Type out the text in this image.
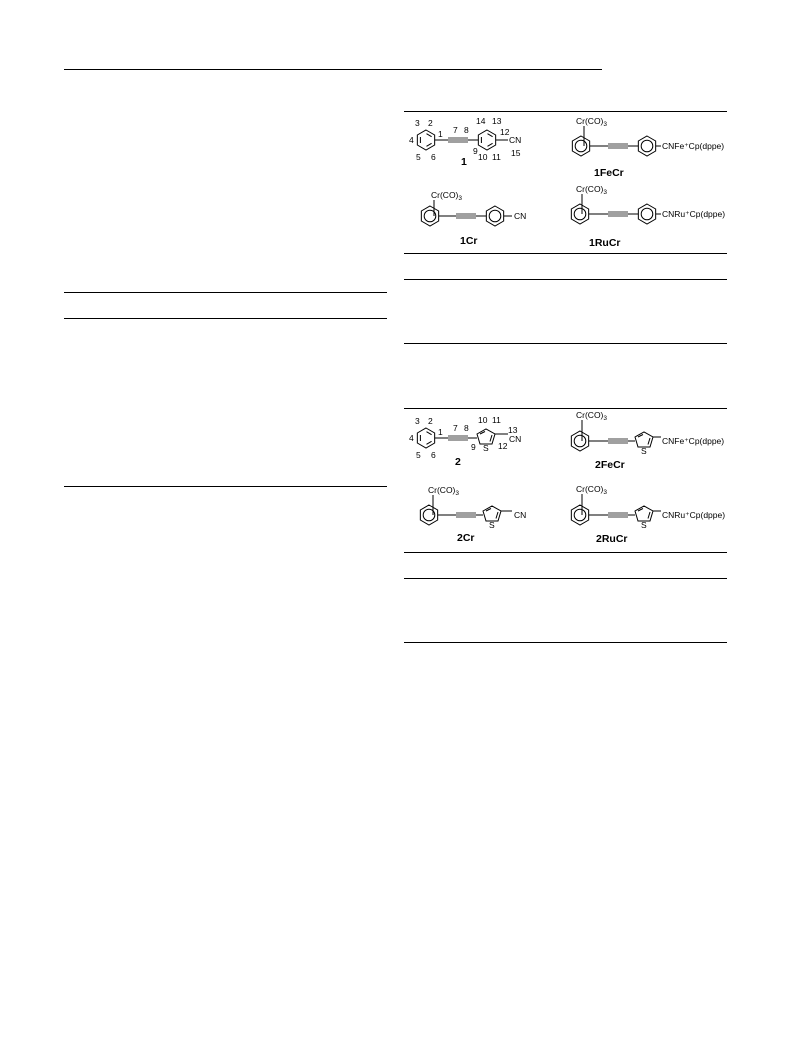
CN
1
2
3
4
5 6
7 8
9
10 11
12
13
14
15
1
$Cr(CO)_3$
CNFe⁺Cp(dppe)
1FeCr
$Cr(CO)_3$
CN
1Cr
$Cr(CO)_3$
CNRu⁺Cp(dppe)
1RuCr
S
CN
1
2
3
4
5 6
7 8
9
10 11
12
13
2
$Cr(CO)_3$
S
CNFe⁺Cp(dppe)
2FeCr
$Cr(CO)_3$
S
CN
2Cr
$Cr(CO)_3$
S
CNRu⁺Cp(dppe)
2RuCr
